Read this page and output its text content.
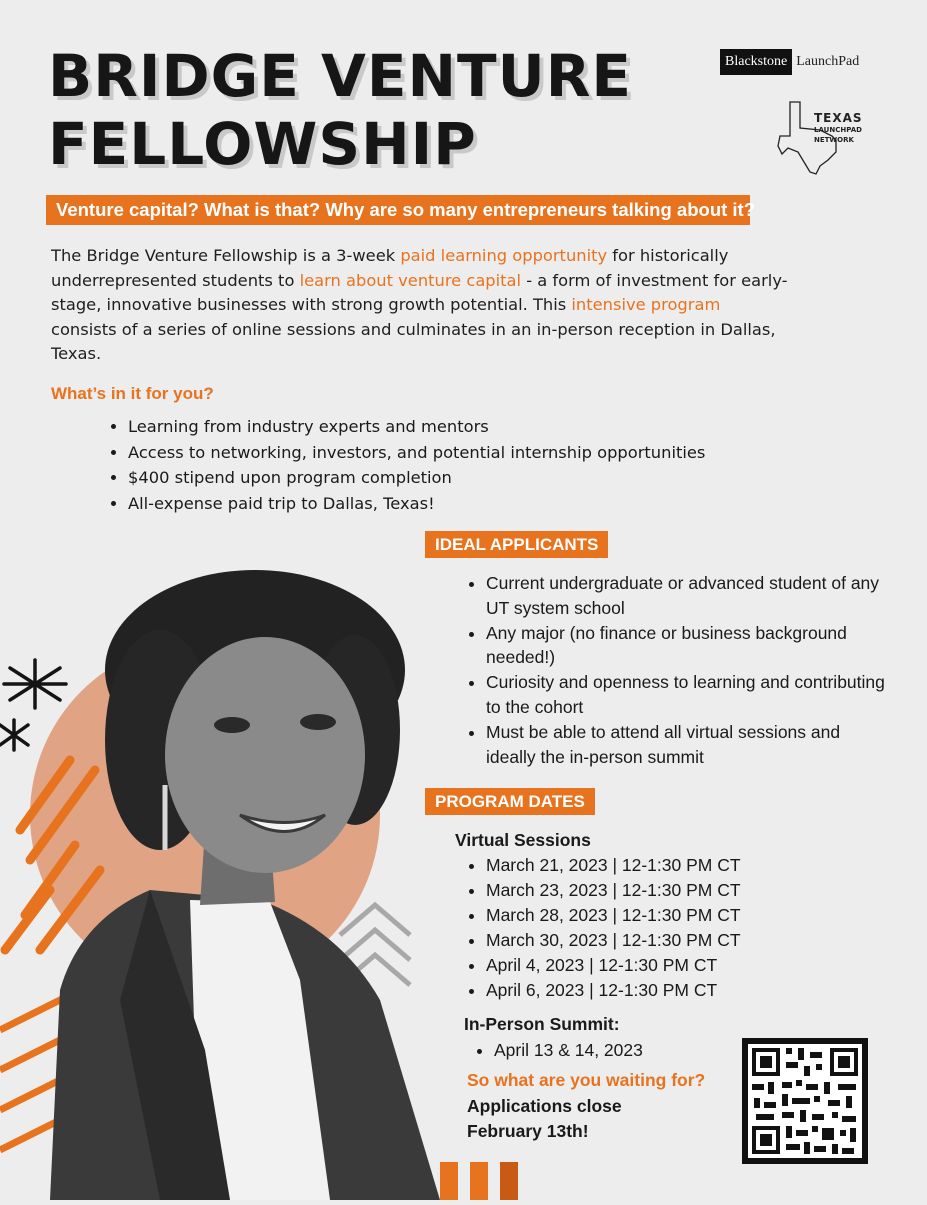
BRIDGE VENTURE
FELLOWSHIP
Blackstone LaunchPad
TEXAS
LAUNCHPAD
NETWORK
Venture capital? What is that? Why are so many entrepreneurs talking about it?

The Bridge Venture Fellowship is a 3-week paid learning opportunity for historically underrepresented students to learn about venture capital - a form of investment for early-stage, innovative businesses with strong growth potential. This intensive program consists of a series of online sessions and culminates in an in-person reception in Dallas, Texas.

What’s in it for you?
• Learning from industry experts and mentors
• Access to networking, investors, and potential internship opportunities
• $400 stipend upon program completion
• All-expense paid trip to Dallas, Texas!
IDEAL APPLICANTS
• Current undergraduate or advanced student of any UT system school
• Any major (no finance or business background needed!)
• Curiosity and openness to learning and contributing to the cohort
• Must be able to attend all virtual sessions and ideally the in-person summit
PROGRAM DATES
Virtual Sessions
• March 21, 2023 | 12-1:30 PM CT
• March 23, 2023 | 12-1:30 PM CT
• March 28, 2023 | 12-1:30 PM CT
• March 30, 2023 | 12-1:30 PM CT
• April 4, 2023 | 12-1:30 PM CT
• April 6, 2023 | 12-1:30 PM CT
In-Person Summit:
• April 13 & 14, 2023
So what are you waiting for?
Applications close
February 13th!
